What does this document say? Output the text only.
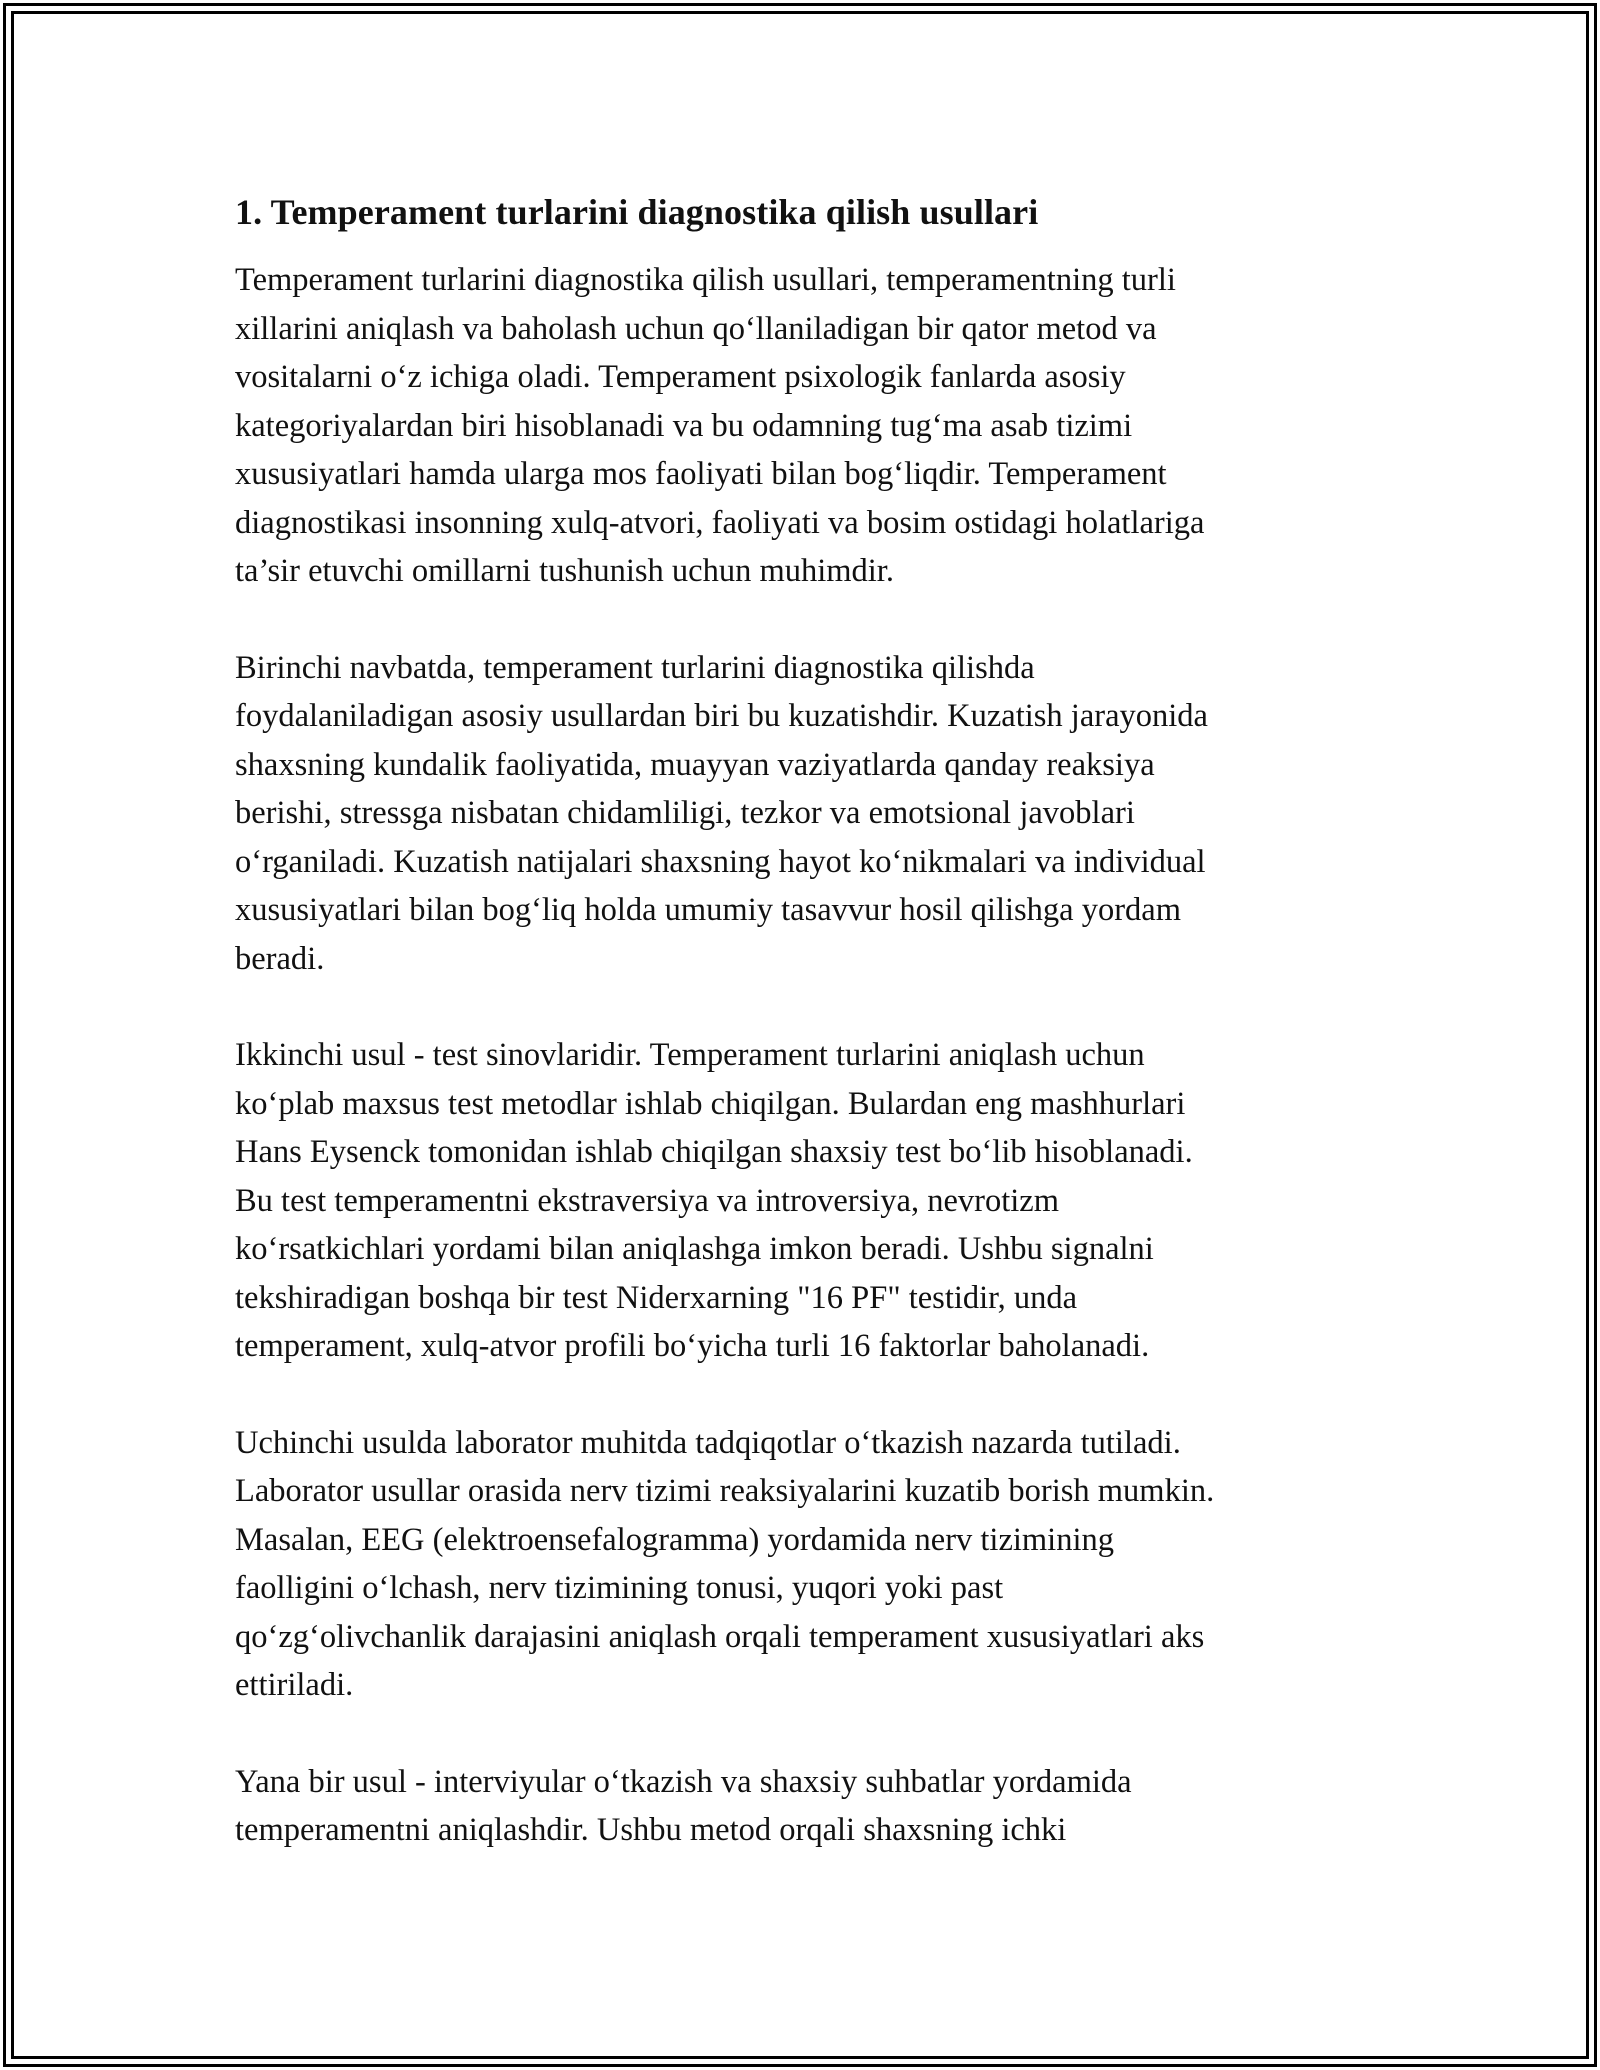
1. Temperament turlarini diagnostika qilish usullari

Temperament turlarini diagnostika qilish usullari, temperamentning turli
xillarini aniqlash va baholash uchun qo‘llaniladigan bir qator metod va
vositalarni o‘z ichiga oladi. Temperament psixologik fanlarda asosiy
kategoriyalardan biri hisoblanadi va bu odamning tug‘ma asab tizimi
xususiyatlari hamda ularga mos faoliyati bilan bog‘liqdir. Temperament
diagnostikasi insonning xulq-atvori, faoliyati va bosim ostidagi holatlariga
ta’sir etuvchi omillarni tushunish uchun muhimdir.

Birinchi navbatda, temperament turlarini diagnostika qilishda
foydalaniladigan asosiy usullardan biri bu kuzatishdir. Kuzatish jarayonida
shaxsning kundalik faoliyatida, muayyan vaziyatlarda qanday reaksiya
berishi, stressga nisbatan chidamliligi, tezkor va emotsional javoblari
o‘rganiladi. Kuzatish natijalari shaxsning hayot ko‘nikmalari va individual
xususiyatlari bilan bog‘liq holda umumiy tasavvur hosil qilishga yordam
beradi.

Ikkinchi usul - test sinovlaridir. Temperament turlarini aniqlash uchun
ko‘plab maxsus test metodlar ishlab chiqilgan. Bulardan eng mashhurlari
Hans Eysenck tomonidan ishlab chiqilgan shaxsiy test bo‘lib hisoblanadi.
Bu test temperamentni ekstraversiya va introversiya, nevrotizm
ko‘rsatkichlari yordami bilan aniqlashga imkon beradi. Ushbu signalni
tekshiradigan boshqa bir test Niderxarning "16 PF" testidir, unda
temperament, xulq-atvor profili bo‘yicha turli 16 faktorlar baholanadi.

Uchinchi usulda laborator muhitda tadqiqotlar o‘tkazish nazarda tutiladi.
Laborator usullar orasida nerv tizimi reaksiyalarini kuzatib borish mumkin.
Masalan, EEG (elektroensefalogramma) yordamida nerv tizimining
faolligini o‘lchash, nerv tizimining tonusi, yuqori yoki past
qo‘zg‘olivchanlik darajasini aniqlash orqali temperament xususiyatlari aks
ettiriladi.

Yana bir usul - interviyular o‘tkazish va shaxsiy suhbatlar yordamida
temperamentni aniqlashdir. Ushbu metod orqali shaxsning ichki
